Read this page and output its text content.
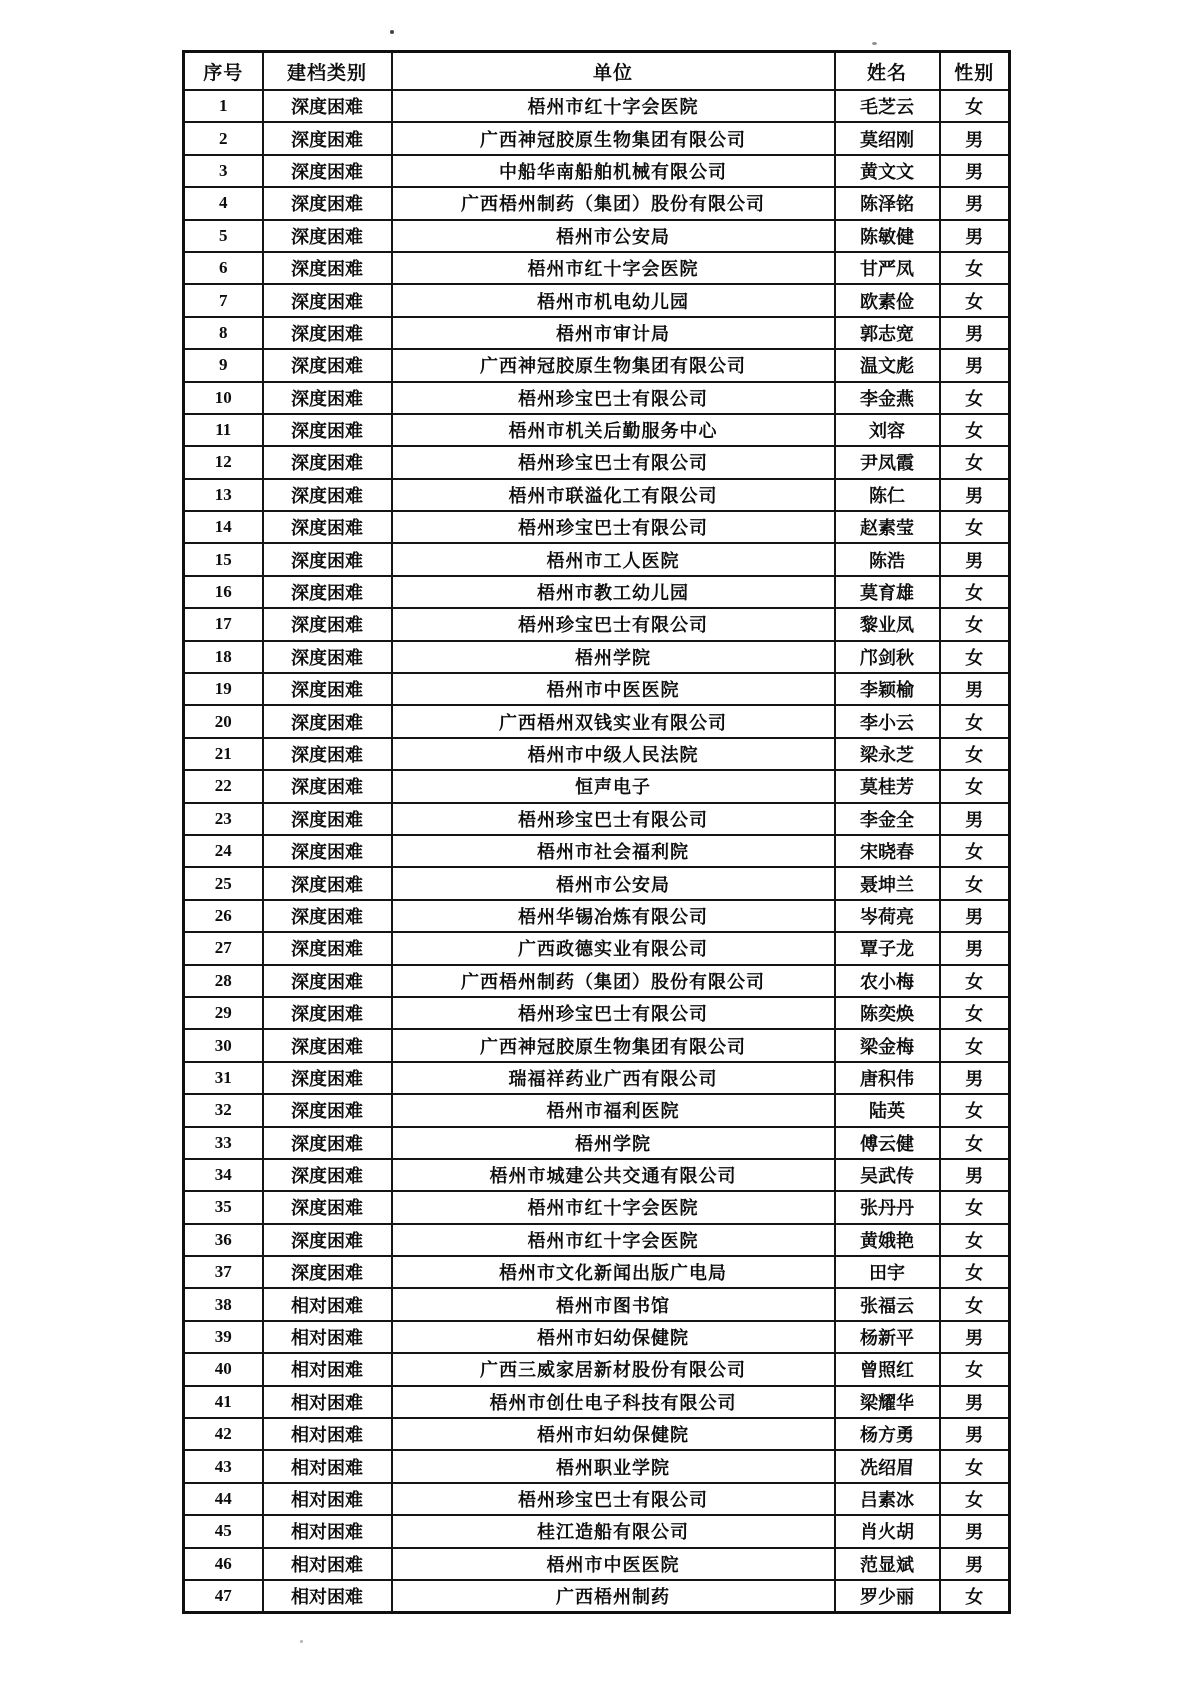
序号	建档类别	单位	姓名	性别
1	深度困难	梧州市红十字会医院	毛芝云	女
2	深度困难	广西神冠胶原生物集团有限公司	莫绍刚	男
3	深度困难	中船华南船舶机械有限公司	黄文文	男
4	深度困难	广西梧州制药（集团）股份有限公司	陈泽铭	男
5	深度困难	梧州市公安局	陈敏健	男
6	深度困难	梧州市红十字会医院	甘严凤	女
7	深度困难	梧州市机电幼儿园	欧素俭	女
8	深度困难	梧州市审计局	郭志宽	男
9	深度困难	广西神冠胶原生物集团有限公司	温文彪	男
10	深度困难	梧州珍宝巴士有限公司	李金燕	女
11	深度困难	梧州市机关后勤服务中心	刘容	女
12	深度困难	梧州珍宝巴士有限公司	尹凤霞	女
13	深度困难	梧州市联溢化工有限公司	陈仁	男
14	深度困难	梧州珍宝巴士有限公司	赵素莹	女
15	深度困难	梧州市工人医院	陈浩	男
16	深度困难	梧州市教工幼儿园	莫育雄	女
17	深度困难	梧州珍宝巴士有限公司	黎业凤	女
18	深度困难	梧州学院	邝剑秋	女
19	深度困难	梧州市中医医院	李颖榆	男
20	深度困难	广西梧州双钱实业有限公司	李小云	女
21	深度困难	梧州市中级人民法院	梁永芝	女
22	深度困难	恒声电子	莫桂芳	女
23	深度困难	梧州珍宝巴士有限公司	李金全	男
24	深度困难	梧州市社会福利院	宋晓春	女
25	深度困难	梧州市公安局	聂坤兰	女
26	深度困难	梧州华锡冶炼有限公司	岑荷亮	男
27	深度困难	广西政德实业有限公司	覃子龙	男
28	深度困难	广西梧州制药（集团）股份有限公司	农小梅	女
29	深度困难	梧州珍宝巴士有限公司	陈奕焕	女
30	深度困难	广西神冠胶原生物集团有限公司	梁金梅	女
31	深度困难	瑞福祥药业广西有限公司	唐积伟	男
32	深度困难	梧州市福利医院	陆英	女
33	深度困难	梧州学院	傅云健	女
34	深度困难	梧州市城建公共交通有限公司	吴武传	男
35	深度困难	梧州市红十字会医院	张丹丹	女
36	深度困难	梧州市红十字会医院	黄娥艳	女
37	深度困难	梧州市文化新闻出版广电局	田宇	女
38	相对困难	梧州市图书馆	张福云	女
39	相对困难	梧州市妇幼保健院	杨新平	男
40	相对困难	广西三威家居新材股份有限公司	曾照红	女
41	相对困难	梧州市创仕电子科技有限公司	梁耀华	男
42	相对困难	梧州市妇幼保健院	杨方勇	男
43	相对困难	梧州职业学院	冼绍眉	女
44	相对困难	梧州珍宝巴士有限公司	吕素冰	女
45	相对困难	桂江造船有限公司	肖火胡	男
46	相对困难	梧州市中医医院	范显斌	男
47	相对困难	广西梧州制药	罗少丽	女
